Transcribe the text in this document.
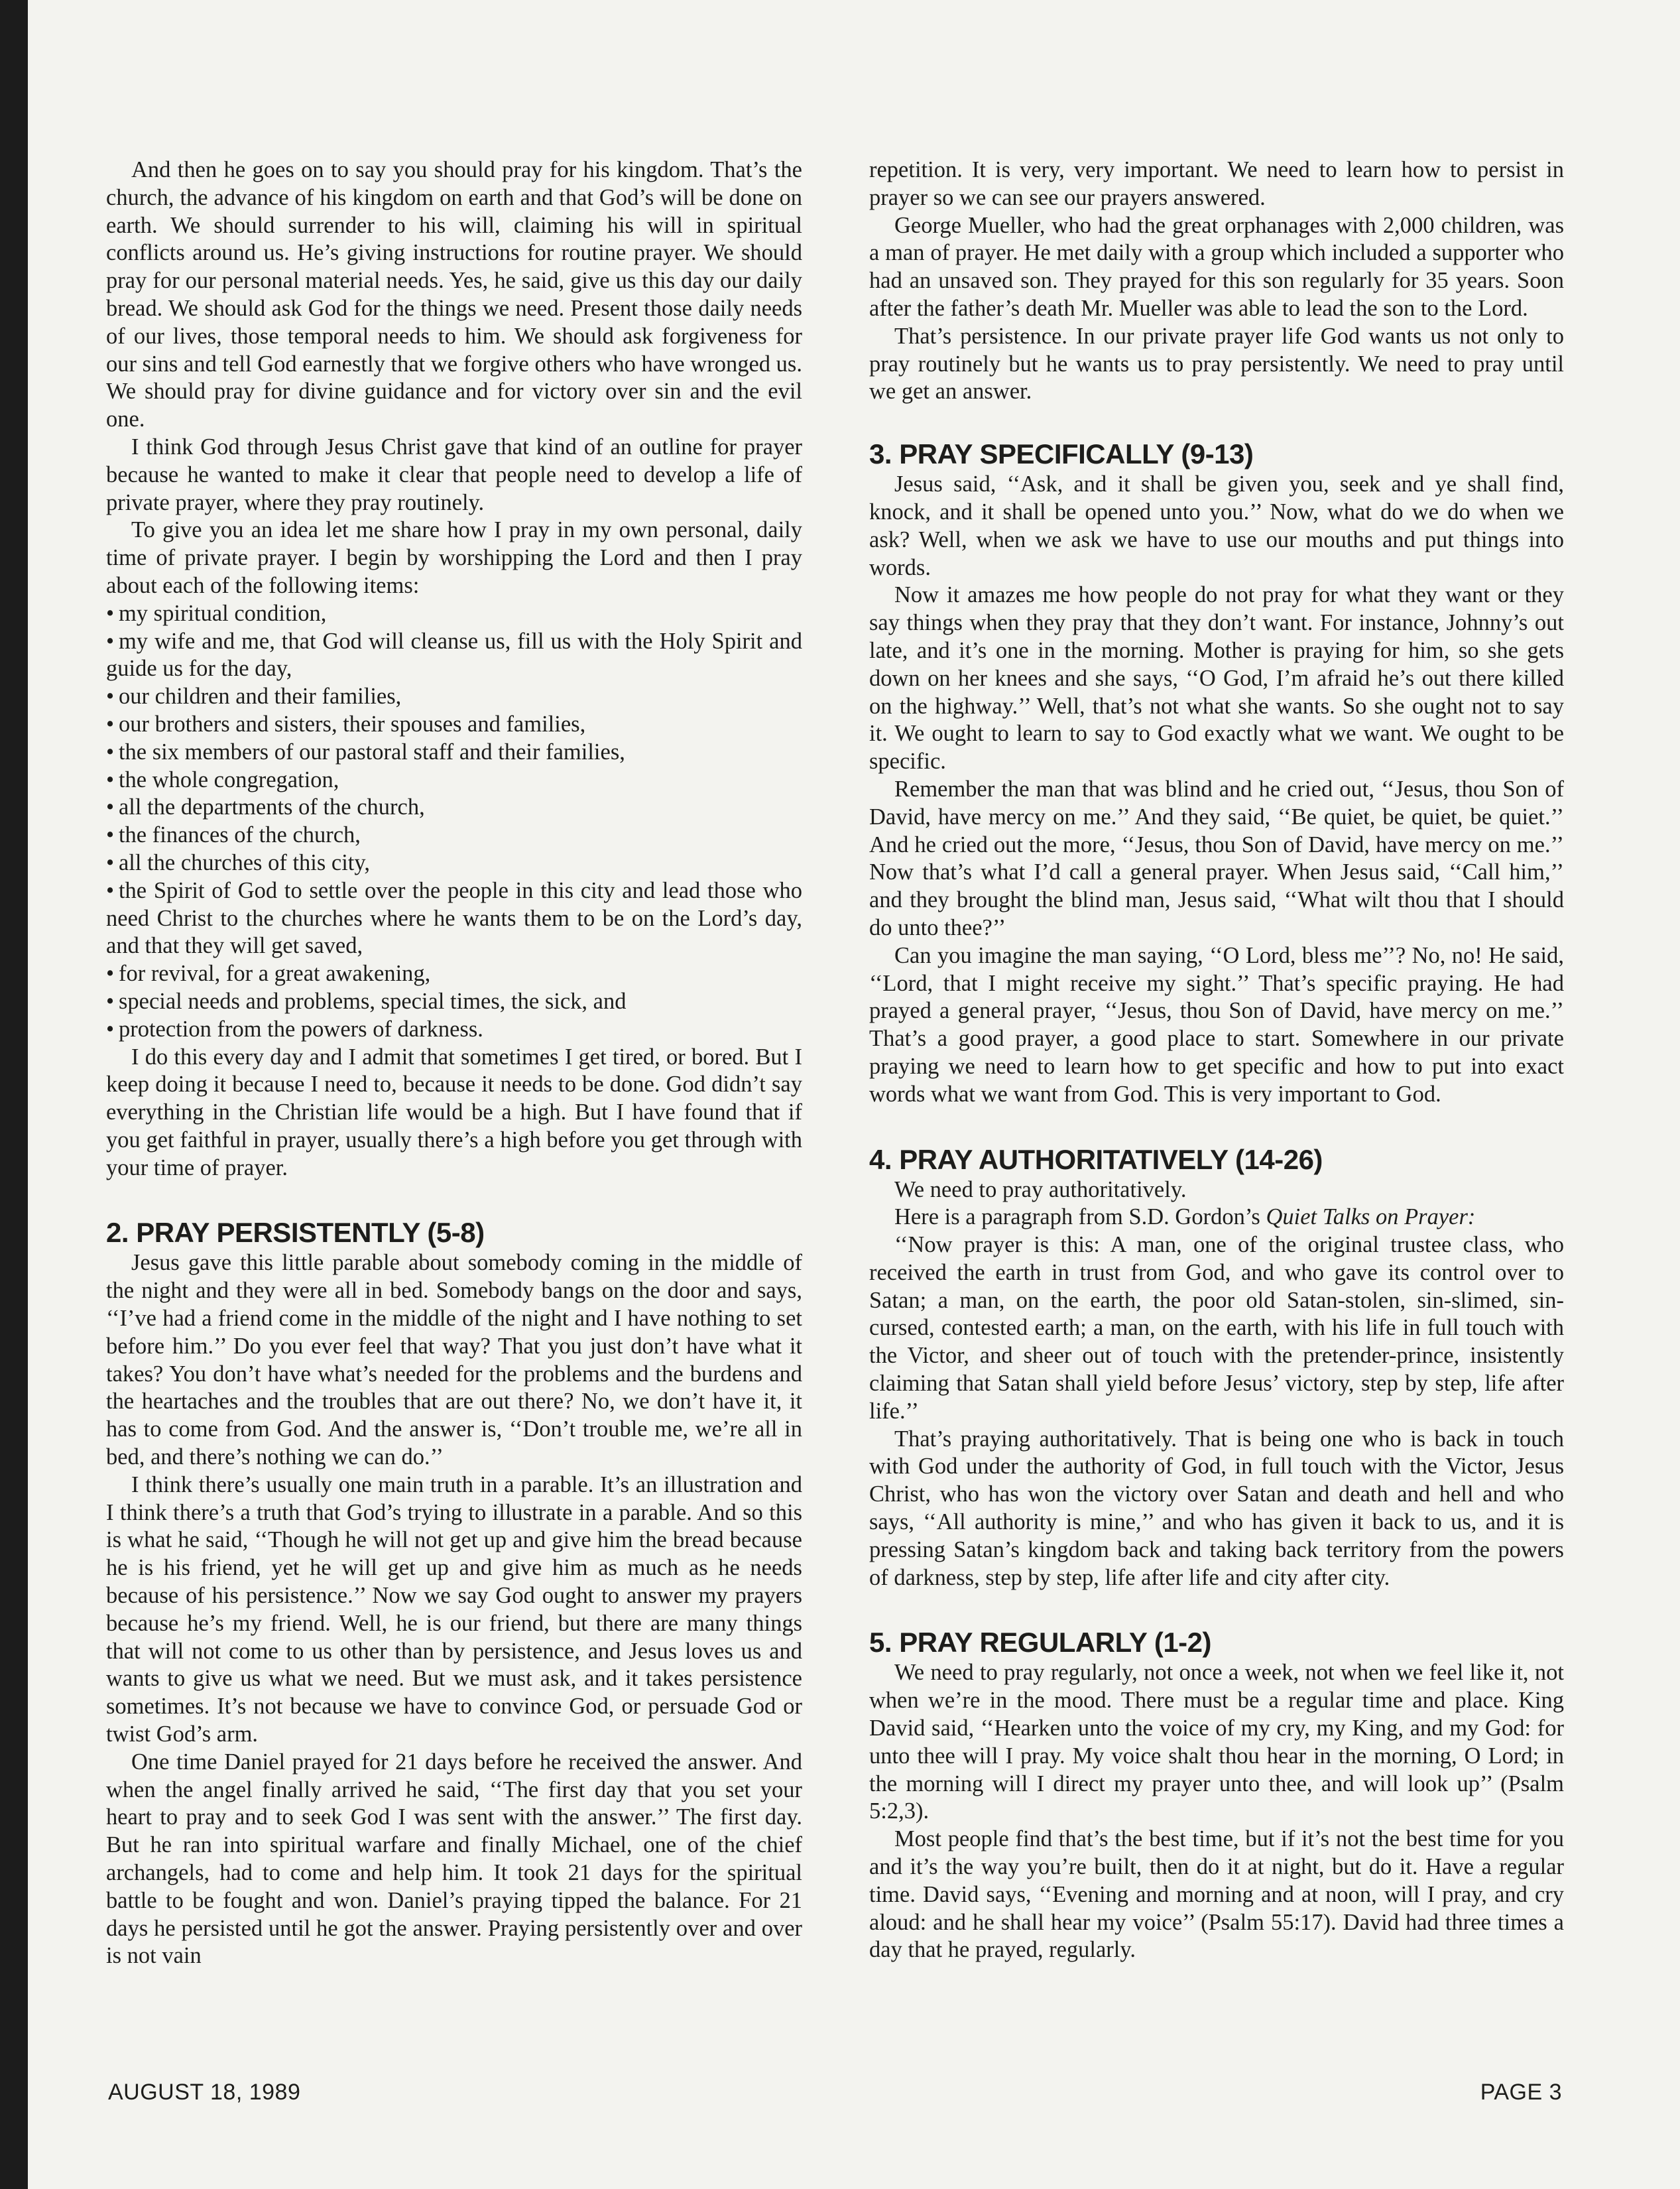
And then he goes on to say you should pray for his kingdom. That’s the church, the advance of his kingdom on earth and that God’s will be done on earth. We should surrender to his will, claiming his will in spiritual conflicts around us. He’s giving instructions for routine prayer. We should pray for our personal material needs. Yes, he said, give us this day our daily bread. We should ask God for the things we need. Present those daily needs of our lives, those temporal needs to him. We should ask forgiveness for our sins and tell God earnestly that we forgive others who have wronged us. We should pray for divine guidance and for victory over sin and the evil one.

I think God through Jesus Christ gave that kind of an outline for prayer because he wanted to make it clear that people need to develop a life of private prayer, where they pray routinely.

To give you an idea let me share how I pray in my own personal, daily time of private prayer. I begin by worshipping the Lord and then I pray about each of the following items:

• my spiritual condition,
• my wife and me, that God will cleanse us, fill us with the Holy Spirit and guide us for the day,
• our children and their families,
• our brothers and sisters, their spouses and families,
• the six members of our pastoral staff and their families,
• the whole congregation,
• all the departments of the church,
• the finances of the church,
• all the churches of this city,
• the Spirit of God to settle over the people in this city and lead those who need Christ to the churches where he wants them to be on the Lord’s day, and that they will get saved,
• for revival, for a great awakening,
• special needs and problems, special times, the sick, and
• protection from the powers of darkness.

I do this every day and I admit that sometimes I get tired, or bored. But I keep doing it because I need to, because it needs to be done. God didn’t say everything in the Christian life would be a high. But I have found that if you get faithful in prayer, usually there’s a high before you get through with your time of prayer.

2. PRAY PERSISTENTLY (5-8)

Jesus gave this little parable about somebody coming in the middle of the night and they were all in bed. Somebody bangs on the door and says, ‘‘I’ve had a friend come in the middle of the night and I have nothing to set before him.’’ Do you ever feel that way? That you just don’t have what it takes? You don’t have what’s needed for the problems and the burdens and the heartaches and the troubles that are out there? No, we don’t have it, it has to come from God. And the answer is, ‘‘Don’t trouble me, we’re all in bed, and there’s nothing we can do.’’

I think there’s usually one main truth in a parable. It’s an illustration and I think there’s a truth that God’s trying to illustrate in a parable. And so this is what he said, ‘‘Though he will not get up and give him the bread because he is his friend, yet he will get up and give him as much as he needs because of his persistence.’’ Now we say God ought to answer my prayers because he’s my friend. Well, he is our friend, but there are many things that will not come to us other than by persistence, and Jesus loves us and wants to give us what we need. But we must ask, and it takes persistence sometimes. It’s not because we have to convince God, or persuade God or twist God’s arm.

One time Daniel prayed for 21 days before he received the answer. And when the angel finally arrived he said, ‘‘The first day that you set your heart to pray and to seek God I was sent with the answer.’’ The first day. But he ran into spiritual warfare and finally Michael, one of the chief archangels, had to come and help him. It took 21 days for the spiritual battle to be fought and won. Daniel’s praying tipped the balance. For 21 days he persisted until he got the answer. Praying persistently over and over is not vain

repetition. It is very, very important. We need to learn how to persist in prayer so we can see our prayers answered.

George Mueller, who had the great orphanages with 2,000 children, was a man of prayer. He met daily with a group which included a supporter who had an unsaved son. They prayed for this son regularly for 35 years. Soon after the father’s death Mr. Mueller was able to lead the son to the Lord.

That’s persistence. In our private prayer life God wants us not only to pray routinely but he wants us to pray persistently. We need to pray until we get an answer.

3. PRAY SPECIFICALLY (9-13)

Jesus said, ‘‘Ask, and it shall be given you, seek and ye shall find, knock, and it shall be opened unto you.’’ Now, what do we do when we ask? Well, when we ask we have to use our mouths and put things into words.

Now it amazes me how people do not pray for what they want or they say things when they pray that they don’t want. For instance, Johnny’s out late, and it’s one in the morning. Mother is praying for him, so she gets down on her knees and she says, ‘‘O God, I’m afraid he’s out there killed on the highway.’’ Well, that’s not what she wants. So she ought not to say it. We ought to learn to say to God exactly what we want. We ought to be specific.

Remember the man that was blind and he cried out, ‘‘Jesus, thou Son of David, have mercy on me.’’ And they said, ‘‘Be quiet, be quiet, be quiet.’’ And he cried out the more, ‘‘Jesus, thou Son of David, have mercy on me.’’ Now that’s what I’d call a general prayer. When Jesus said, ‘‘Call him,’’ and they brought the blind man, Jesus said, ‘‘What wilt thou that I should do unto thee?’’

Can you imagine the man saying, ‘‘O Lord, bless me’’? No, no! He said, ‘‘Lord, that I might receive my sight.’’ That’s specific praying. He had prayed a general prayer, ‘‘Jesus, thou Son of David, have mercy on me.’’ That’s a good prayer, a good place to start. Somewhere in our private praying we need to learn how to get specific and how to put into exact words what we want from God. This is very important to God.

4. PRAY AUTHORITATIVELY (14-26)

We need to pray authoritatively.

Here is a paragraph from S.D. Gordon’s Quiet Talks on Prayer:

‘‘Now prayer is this: A man, one of the original trustee class, who received the earth in trust from God, and who gave its control over to Satan; a man, on the earth, the poor old Satan-stolen, sin-slimed, sin-cursed, contested earth; a man, on the earth, with his life in full touch with the Victor, and sheer out of touch with the pretender-prince, insistently claiming that Satan shall yield before Jesus’ victory, step by step, life after life.’’

That’s praying authoritatively. That is being one who is back in touch with God under the authority of God, in full touch with the Victor, Jesus Christ, who has won the victory over Satan and death and hell and who says, ‘‘All authority is mine,’’ and who has given it back to us, and it is pressing Satan’s kingdom back and taking back territory from the powers of darkness, step by step, life after life and city after city.

5. PRAY REGULARLY (1-2)

We need to pray regularly, not once a week, not when we feel like it, not when we’re in the mood. There must be a regular time and place. King David said, ‘‘Hearken unto the voice of my cry, my King, and my God: for unto thee will I pray. My voice shalt thou hear in the morning, O Lord; in the morning will I direct my prayer unto thee, and will look up’’ (Psalm 5:2,3).

Most people find that’s the best time, but if it’s not the best time for you and it’s the way you’re built, then do it at night, but do it. Have a regular time. David says, ‘‘Evening and morning and at noon, will I pray, and cry aloud: and he shall hear my voice’’ (Psalm 55:17). David had three times a day that he prayed, regularly.

AUGUST 18, 1989	PAGE 3
